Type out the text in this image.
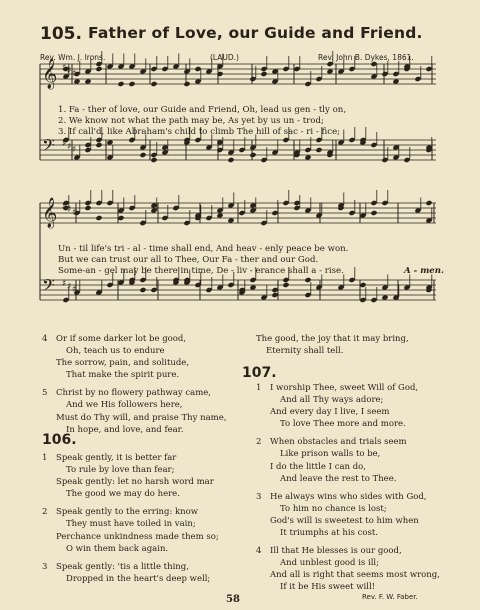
105. Father of Love, our Guide and Friend.
Rev. Wm. J. Irons.	(LAUD.)	Rev. John B. Dykes, 1861.
𝄞 ♯ ♯ ♯
𝄢 ♯ ♯ ♯
𝄞 ♯ ♯ ♯
𝄢 ♯ ♯ ♯
1. Fa - ther of love, our Guide and Friend, Oh, lead us gen - tly on,
2. We know not what the path may be, As yet by us un - trod;
3. If call'd, like Abraham's child to climb The hill of sac - ri - fice;
Un - til life's tri - al - time shall end, And heav - enly peace be won.
But we can trust our all to Thee, Our Fa - ther and our God.
Some-an - gel may be there in time, De - liv - erance shall a - rise.	A - men.
4 Or if some darker lot be good,
Oh, teach us to endure
The sorrow, pain, and solitude,
That make the spirit pure.
5 Christ by no flowery pathway came,
And we His followers here,
Must do Thy will, and praise Thy name,
In hope, and love, and fear.
106.
1 Speak gently, it is better far
To rule by love than fear;
Speak gently: let no harsh word mar
The good we may do here.
2 Speak gently to the erring: know
They must have toiled in vain;
Perchance unkindness made them so;
O win them back again.
3 Speak gently: 'tis a little thing,
Dropped in the heart's deep well;
The good, the joy that it may bring,
Eternity shall tell.
107.
1 I worship Thee, sweet Will of God,
And all Thy ways adore;
And every day I live, I seem
To love Thee more and more.
2 When obstacles and trials seem
Like prison walls to be,
I do the little I can do,
And leave the rest to Thee.
3 He always wins who sides with God,
To him no chance is lost;
God's will is sweetest to him when
It triumphs at his cost.
4 Ill that He blesses is our good,
And unblest good is ill;
And all is right that seems most wrong,
If it be His sweet will!
58	Rev. F. W. Faber.
